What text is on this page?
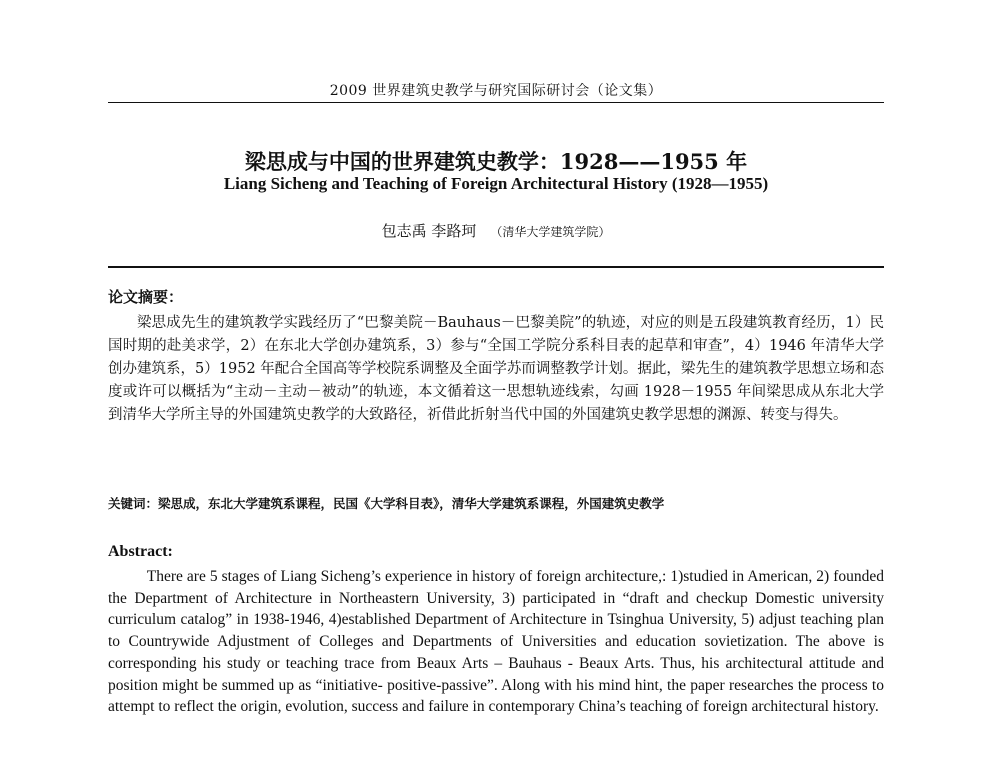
2009 世界建筑史教学与研究国际研讨会（论文集）
梁思成与中国的世界建筑史教学：1928——1955 年
Liang Sicheng and Teaching of Foreign Architectural History (1928—1955)
包志禹 李路珂 （清华大学建筑学院）
论文摘要：

梁思成先生的建筑教学实践经历了“巴黎美院－Bauhaus－巴黎美院”的轨迹，对应的则是五段建筑教育经历，1）民国时期的赴美求学，2）在东北大学创办建筑系，3）参与“全国工学院分系科目表的起草和审查”，4）1946 年清华大学创办建筑系，5）1952 年配合全国高等学校院系调整及全面学苏而调整教学计划。据此，梁先生的建筑教学思想立场和态度或许可以概括为“主动－主动－被动”的轨迹，本文循着这一思想轨迹线索，勾画 1928－1955 年间梁思成从东北大学到清华大学所主导的外国建筑史教学的大致路径，祈借此折射当代中国的外国建筑史教学思想的渊源、转变与得失。

关键词：梁思成，东北大学建筑系课程，民国《大学科目表》，清华大学建筑系课程，外国建筑史教学

Abstract:

There are 5 stages of Liang Sicheng’s experience in history of foreign architecture,: 1)studied in American, 2) founded the Department of Architecture in Northeastern University, 3) participated in “draft and checkup Domestic university curriculum catalog” in 1938-1946, 4)established Department of Architecture in Tsinghua University, 5) adjust teaching plan to Countrywide Adjustment of Colleges and Departments of Universities and education sovietization. The above is corresponding his study or teaching trace from Beaux Arts – Bauhaus - Beaux Arts. Thus, his architectural attitude and position might be summed up as “initiative- positive-passive”. Along with his mind hint, the paper researches the process to attempt to reflect the origin, evolution, success and failure in contemporary China’s teaching of foreign architectural history.
